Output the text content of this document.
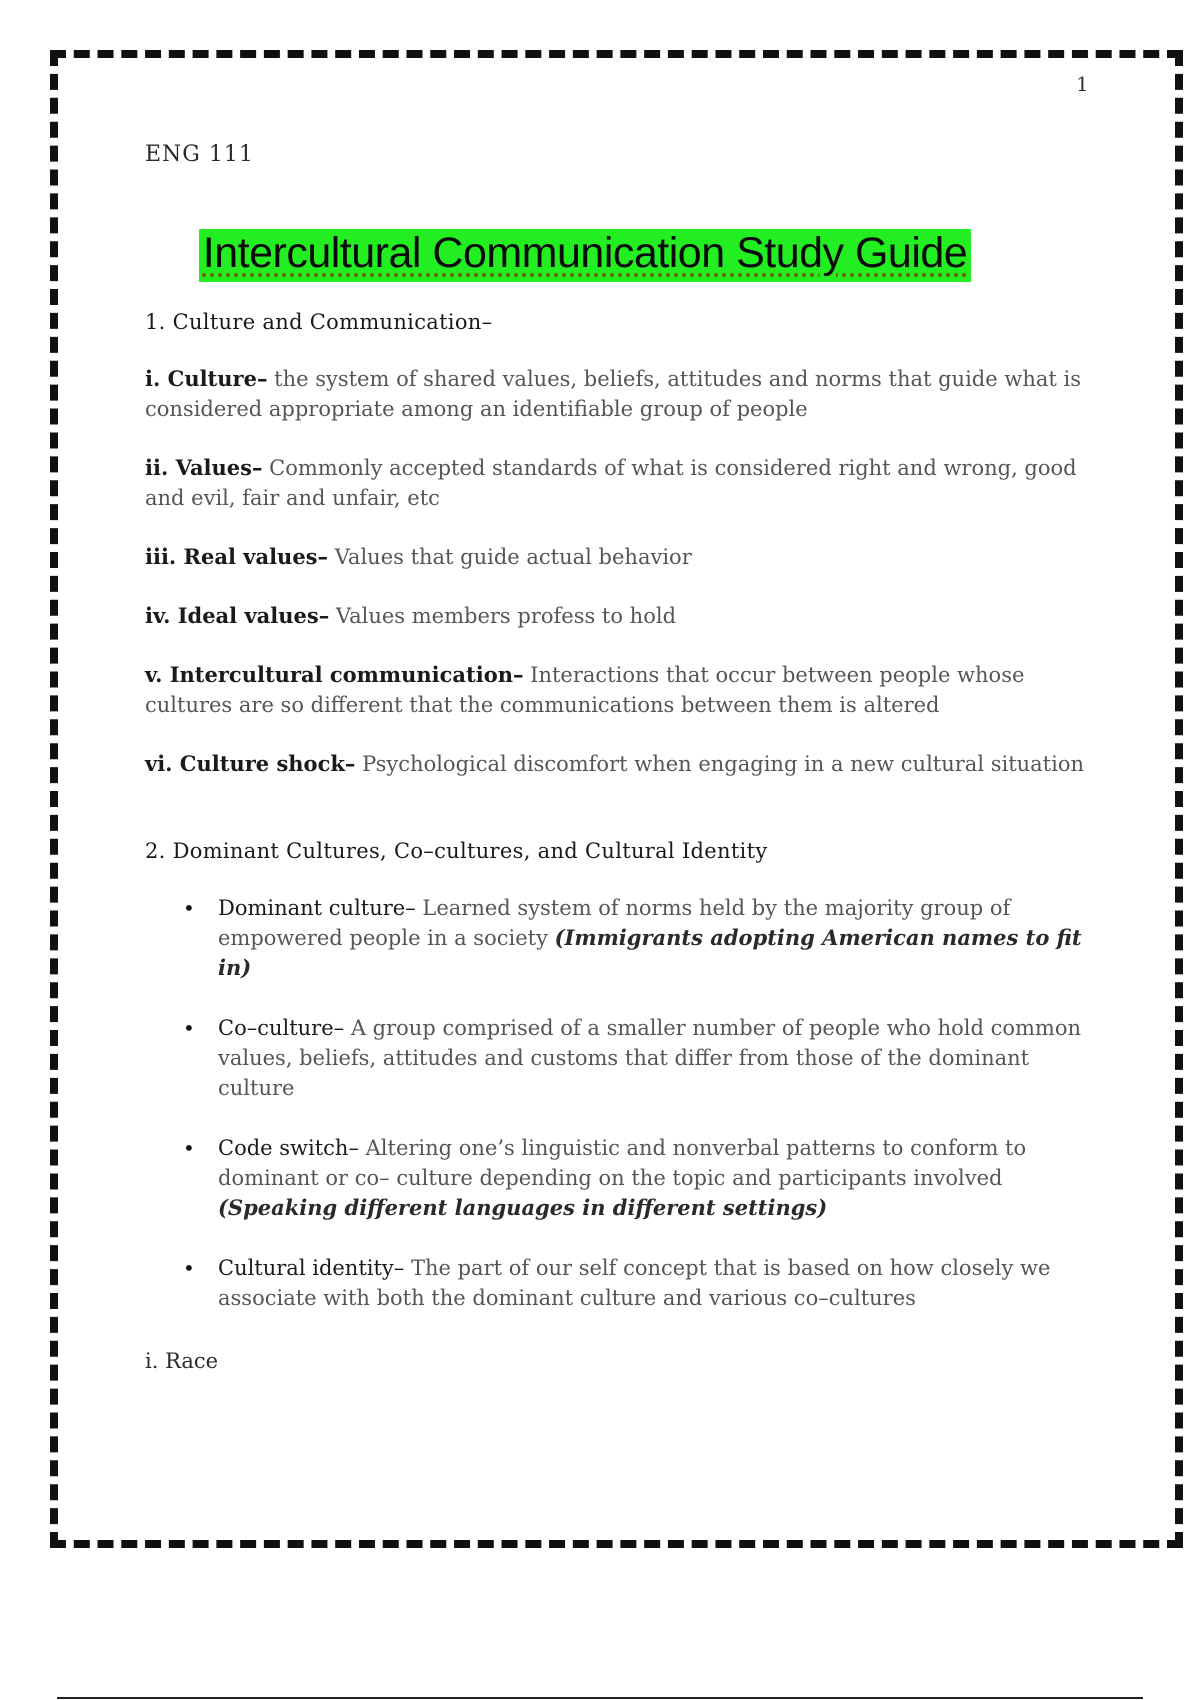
1
ENG 111
Intercultural Communication Study Guide
1. Culture and Communication–
i. Culture– the system of shared values, beliefs, attitudes and norms that guide what is considered appropriate among an identifiable group of people
ii. Values– Commonly accepted standards of what is considered right and wrong, good and evil, fair and unfair, etc
iii. Real values– Values that guide actual behavior
iv. Ideal values– Values members profess to hold
v. Intercultural communication– Interactions that occur between people whose cultures are so different that the communications between them is altered
vi. Culture shock– Psychological discomfort when engaging in a new cultural situation
2. Dominant Cultures, Co–cultures, and Cultural Identity
• Dominant culture– Learned system of norms held by the majority group of empowered people in a society (Immigrants adopting American names to fit in)
• Co–culture– A group comprised of a smaller number of people who hold common values, beliefs, attitudes and customs that differ from those of the dominant culture
• Code switch– Altering one’s linguistic and nonverbal patterns to conform to dominant or co– culture depending on the topic and participants involved (Speaking different languages in different settings)
• Cultural identity– The part of our self concept that is based on how closely we associate with both the dominant culture and various co–cultures
i. Race
